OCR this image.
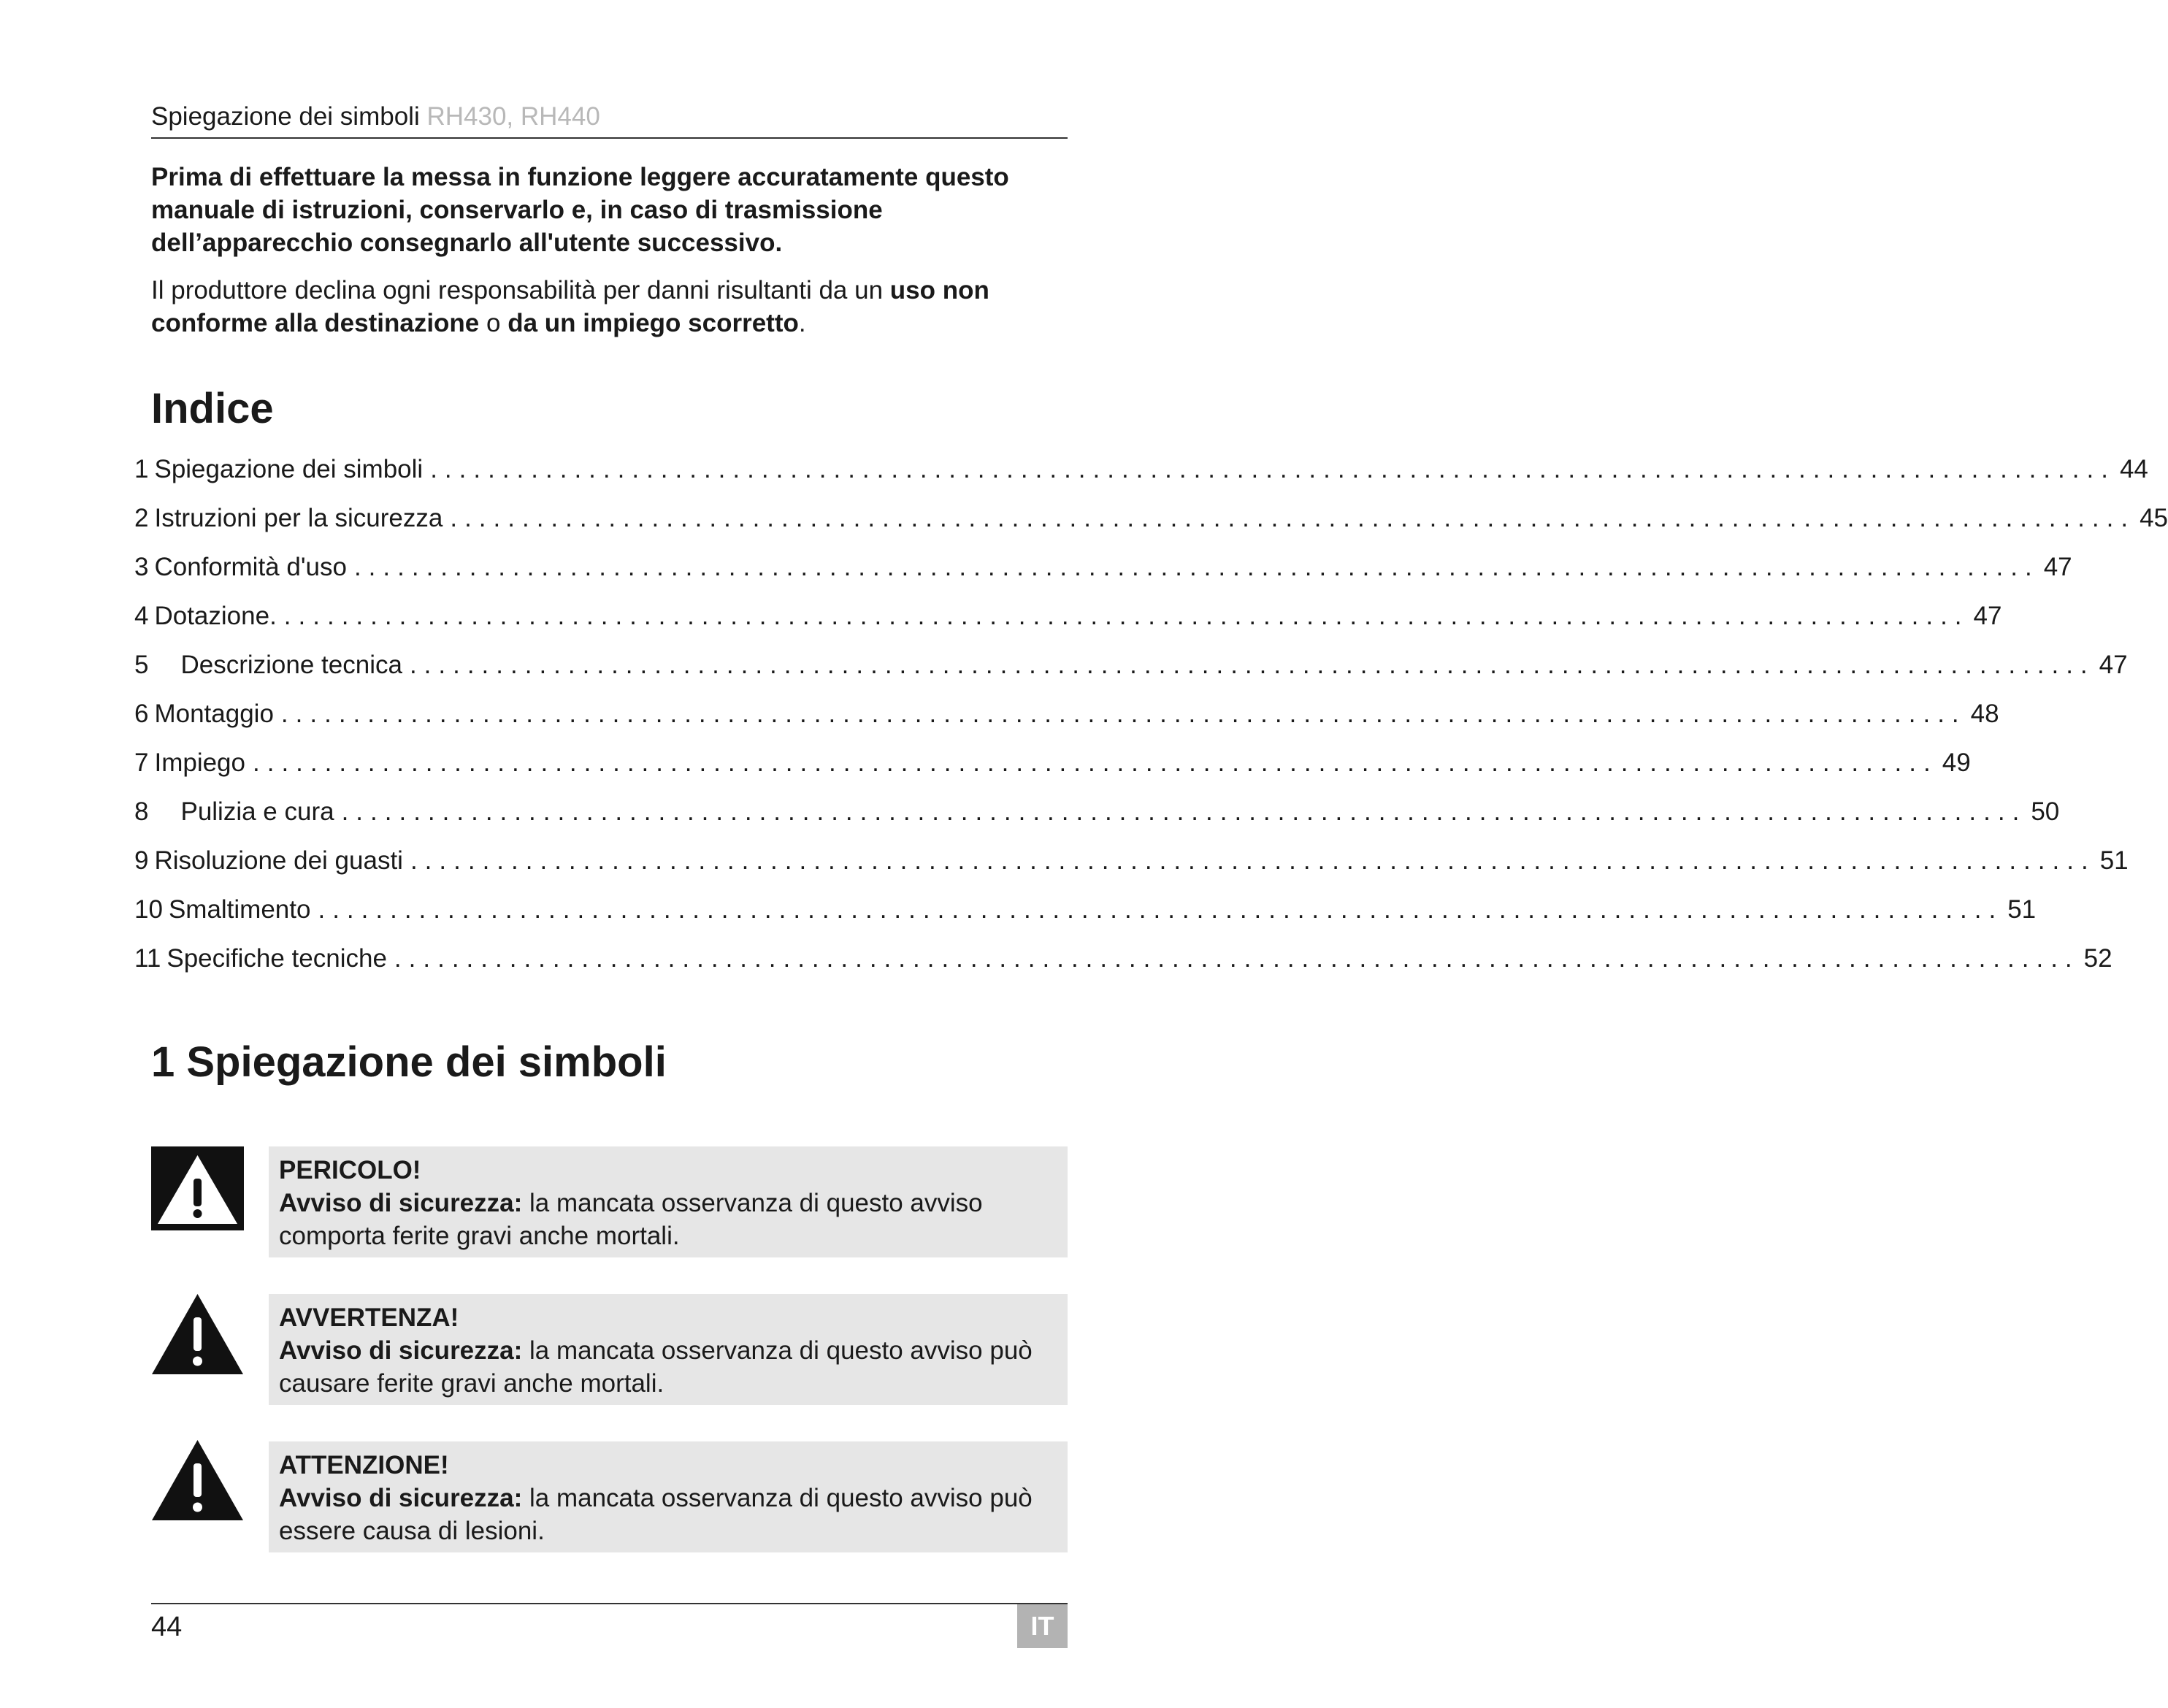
Spiegazione dei simboli RH430, RH440

Prima di effettuare la messa in funzione leggere accuratamente questo manuale di istruzioni, conservarlo e, in caso di trasmissione dell’apparecchio consegnarlo all'utente successivo.

Il produttore declina ogni responsabilità per danni risultanti da un uso non conforme alla destinazione o da un impiego scorretto.

Indice
1 Spiegazione dei simboli ..................................................................................................................... 44
2 Istruzioni per la sicurezza ..................................................................................................................... 45
3 Conformità d'uso ..................................................................................................................... 47
4 Dotazione. ..................................................................................................................... 47
5	Descrizione tecnica ..................................................................................................................... 47
6 Montaggio ..................................................................................................................... 48
7 Impiego ..................................................................................................................... 49
8	Pulizia e cura ..................................................................................................................... 50
9 Risoluzione dei guasti ..................................................................................................................... 51
10 Smaltimento ..................................................................................................................... 51
11 Specifiche tecniche ..................................................................................................................... 52
1 Spiegazione dei simboli
PERICOLO!
Avviso di sicurezza: la mancata osservanza di questo avviso comporta ferite gravi anche mortali.
AVVERTENZA!
Avviso di sicurezza: la mancata osservanza di questo avviso può causare ferite gravi anche mortali.
ATTENZIONE!
Avviso di sicurezza: la mancata osservanza di questo avviso può essere causa di lesioni.
44	IT
